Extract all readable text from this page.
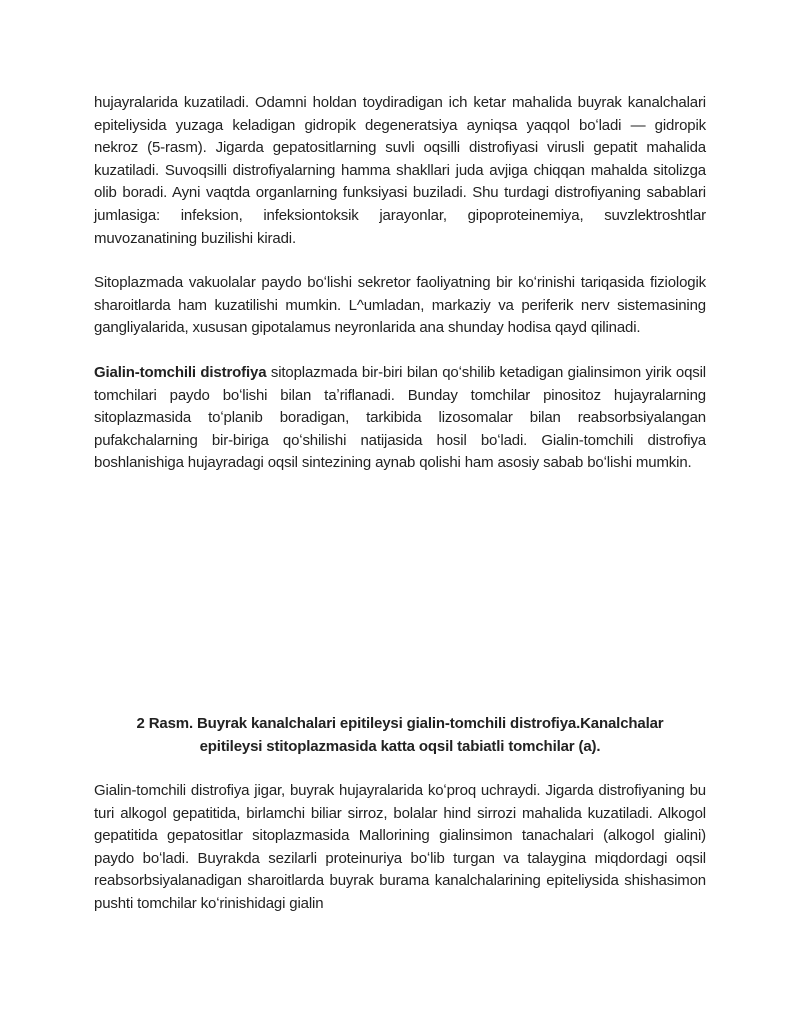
hujayralarida kuzatiladi. Odamni holdan toydiradigan ich ketar mahalida buyrak kanalchalari epiteliysida yuzaga keladigan gidropik degeneratsiya ayniqsa yaqqol boʻladi — gidropik nekroz (5-rasm). Jigarda gepatositlarning suvli oqsilli distrofiyasi virusli gepatit mahalida kuzatiladi. Suvoqsilli distrofiyalarning hamma shakllari juda avjiga chiqqan mahalda sitolizga olib boradi. Ayni vaqtda organlarning funksiyasi buziladi. Shu turdagi distrofiyaning sabablari jumlasiga: infeksion, infeksiontoksik jarayonlar, gipoproteinemiya, suvzlektroshtlar muvozanatining buzilishi kiradi.

Sitoplazmada vakuolalar paydo boʻlishi sekretor faoliyatning bir koʻrinishi tariqasida fiziologik sharoitlarda ham kuzatilishi mumkin. L^umladan, markaziy va periferik nerv sistemasining gangliyalarida, xususan gipotalamus neyronlarida ana shunday hodisa qayd qilinadi.

Gialin-tomchili distrofiya sitoplazmada bir-biri bilan qoʻshilib ketadigan gialinsimon yirik oqsil tomchilari paydo boʻlishi bilan taʼriflanadi. Bunday tomchilar pinositoz hujayralarning sitoplazmasida toʻplanib boradigan, tarkibida lizosomalar bilan reabsorbsiyalangan pufakchalarning bir-biriga qoʻshilishi natijasida hosil boʻladi. Gialin-tomchili distrofiya boshlanishiga hujayradagi oqsil sintezining aynab qolishi ham asosiy sabab boʻlishi mumkin.

2 Rasm. Buyrak kanalchalari epitileysi gialin-tomchili distrofiya.Kanalchalar
epitileysi stitoplazmasida katta oqsil tabiatli tomchilar (a).

Gialin-tomchili distrofiya jigar, buyrak hujayralarida koʻproq uchraydi. Jigarda distrofiyaning bu turi alkogol gepatitida, birlamchi biliar sirroz, bolalar hind sirrozi mahalida kuzatiladi. Alkogol gepatitida gepatositlar sitoplazmasida Mallorining gialinsimon tanachalari (alkogol gialini) paydo boʻladi. Buyrakda sezilarli proteinuriya boʻlib turgan va talaygina miqdordagi oqsil reabsorbsiyalanadigan sharoitlarda buyrak burama kanalchalarining epiteliysida shishasimon pushti tomchilar koʻrinishidagi gialin
